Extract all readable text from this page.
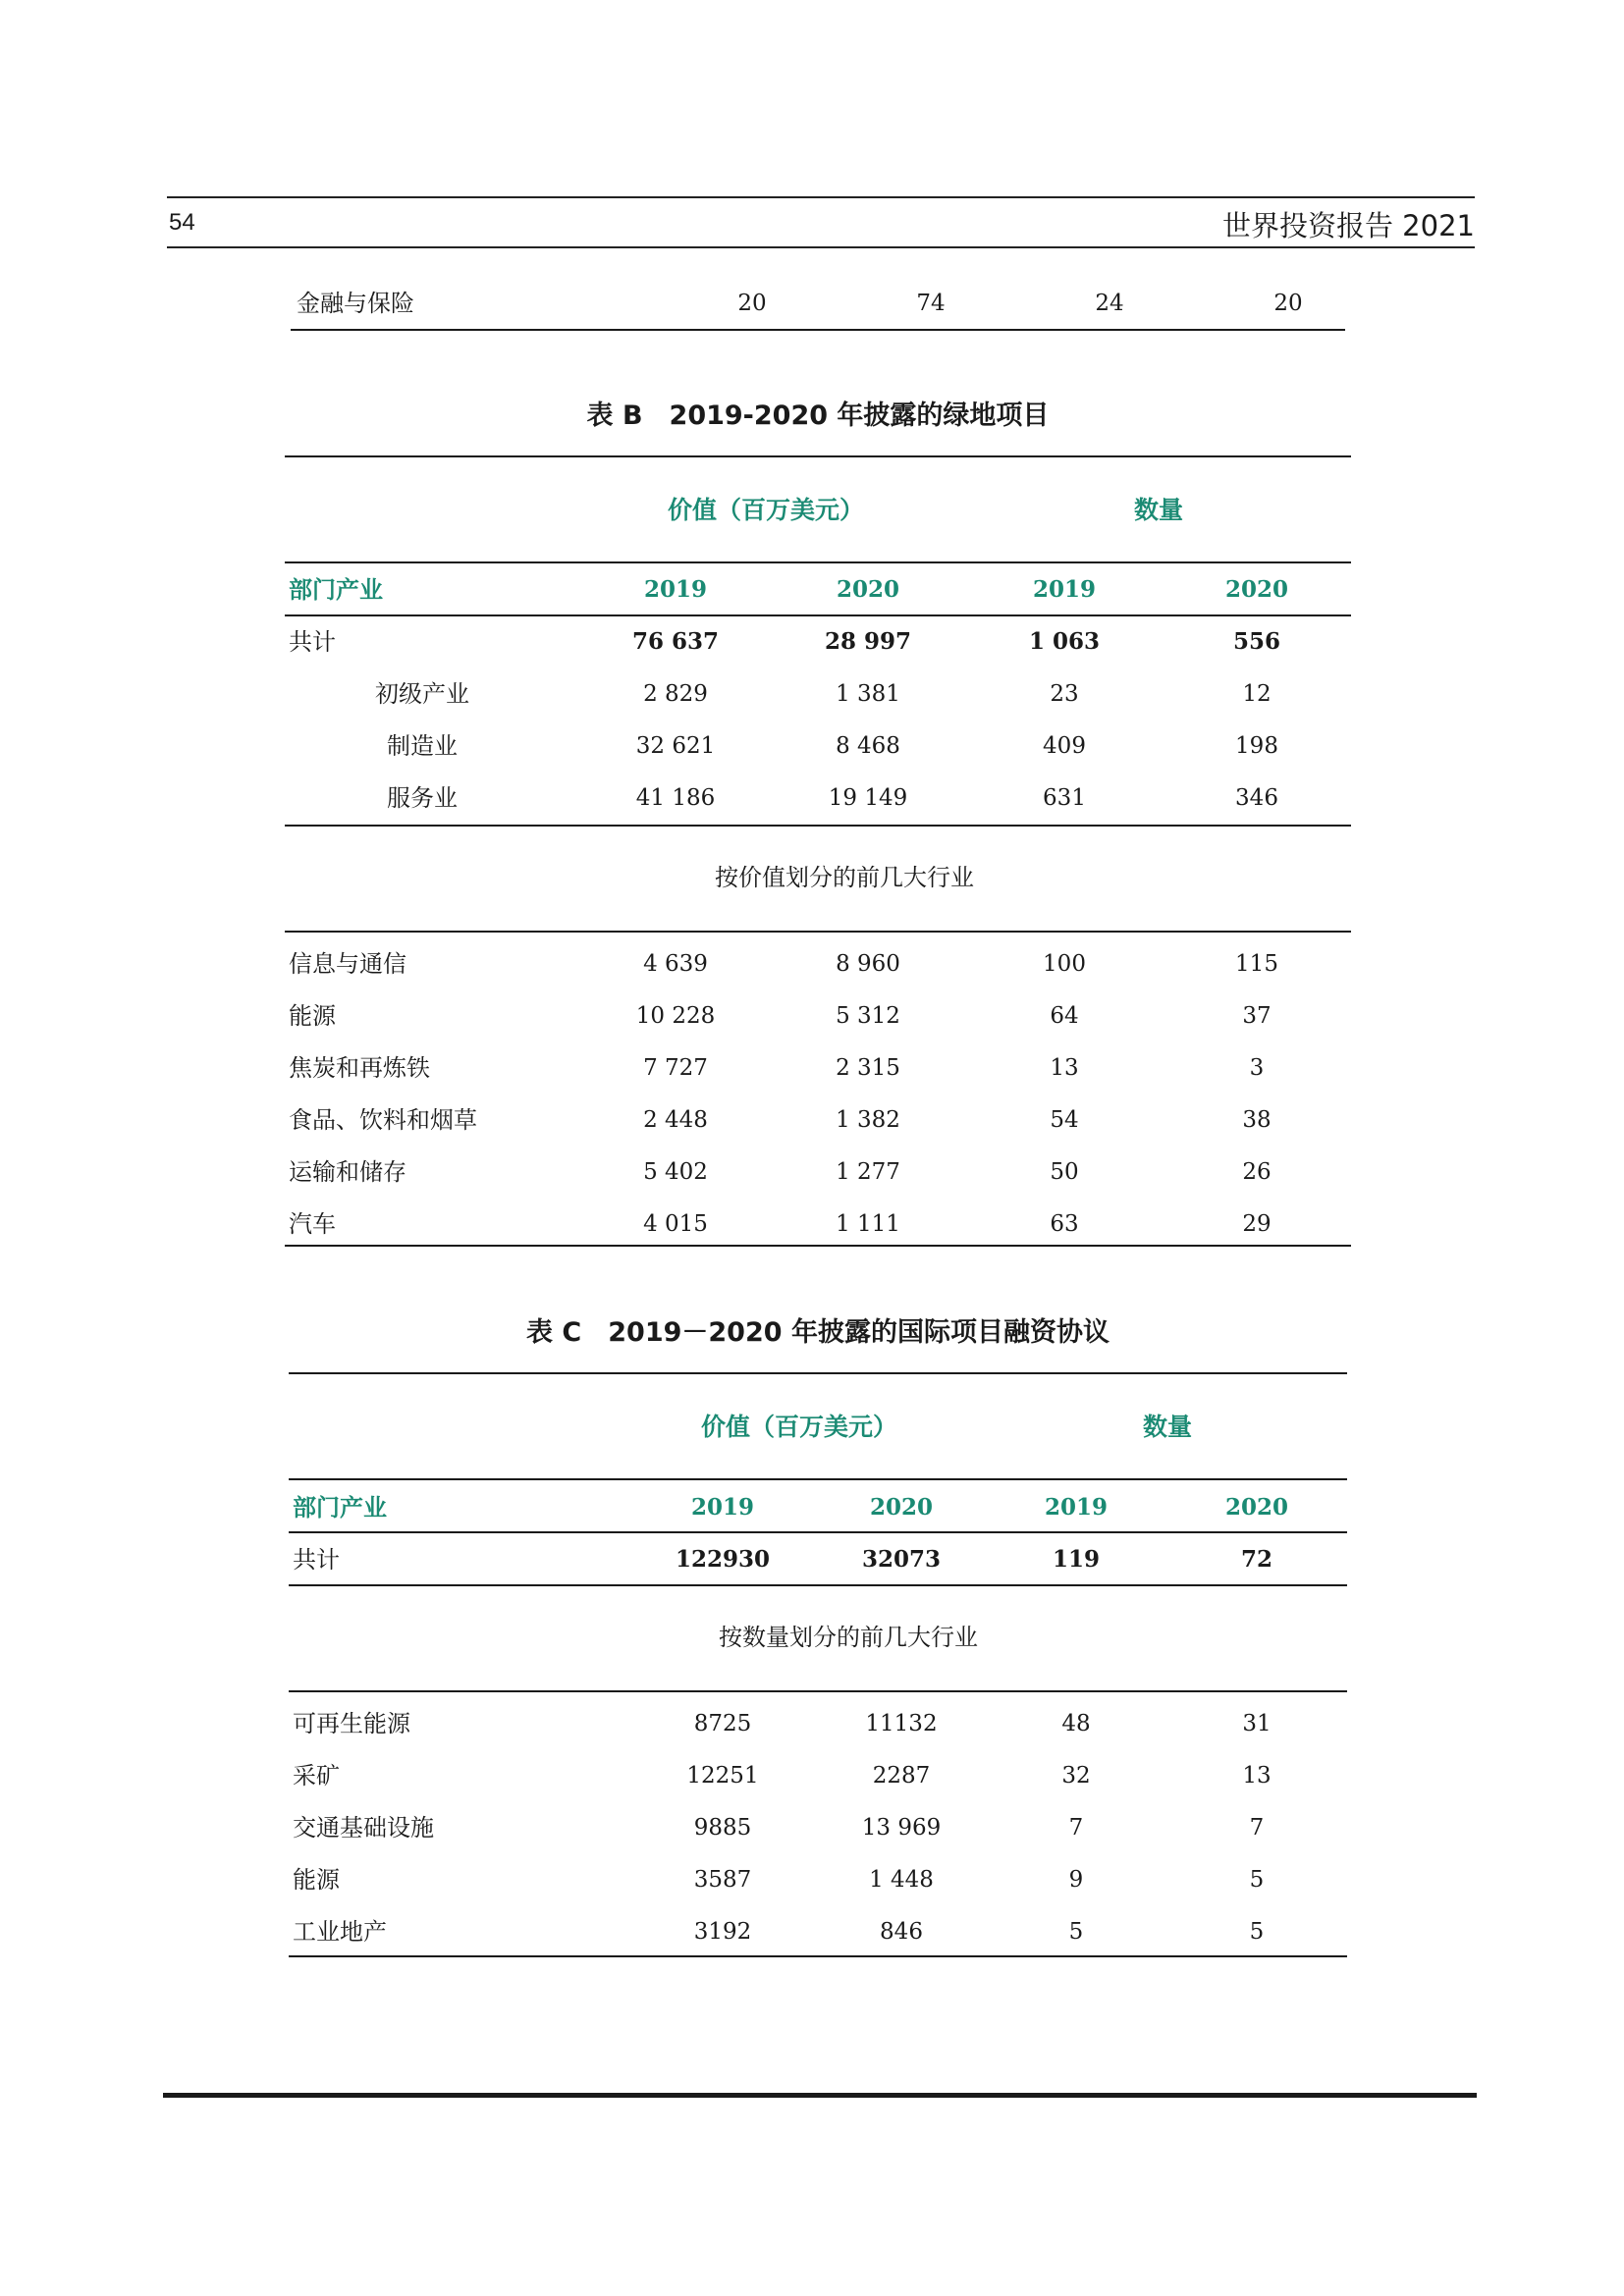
54	世界投资报告 2021
金融与保险	20	74	24	20
表 B　2019-2020 年披露的绿地项目
价值（百万美元）	数量
部门产业	2019	2020	2019	2020
共计	76 637	28 997	1 063	556
初级产业	2 829	1 381	23	12
制造业	32 621	8 468	409	198
服务业	41 186	19 149	631	346
按价值划分的前几大行业
信息与通信	4 639	8 960	100	115
能源	10 228	5 312	64	37
焦炭和再炼铁	7 727	2 315	13	3
食品、饮料和烟草	2 448	1 382	54	38
运输和储存	5 402	1 277	50	26
汽车	4 015	1 111	63	29
表 C　2019－2020 年披露的国际项目融资协议
价值（百万美元）	数量
部门产业	2019	2020	2019	2020
共计	122930	32073	119	72
按数量划分的前几大行业
可再生能源	8725	11132	48	31
采矿	12251	2287	32	13
交通基础设施	9885	13 969	7	7
能源	3587	1 448	9	5
工业地产	3192	846	5	5
